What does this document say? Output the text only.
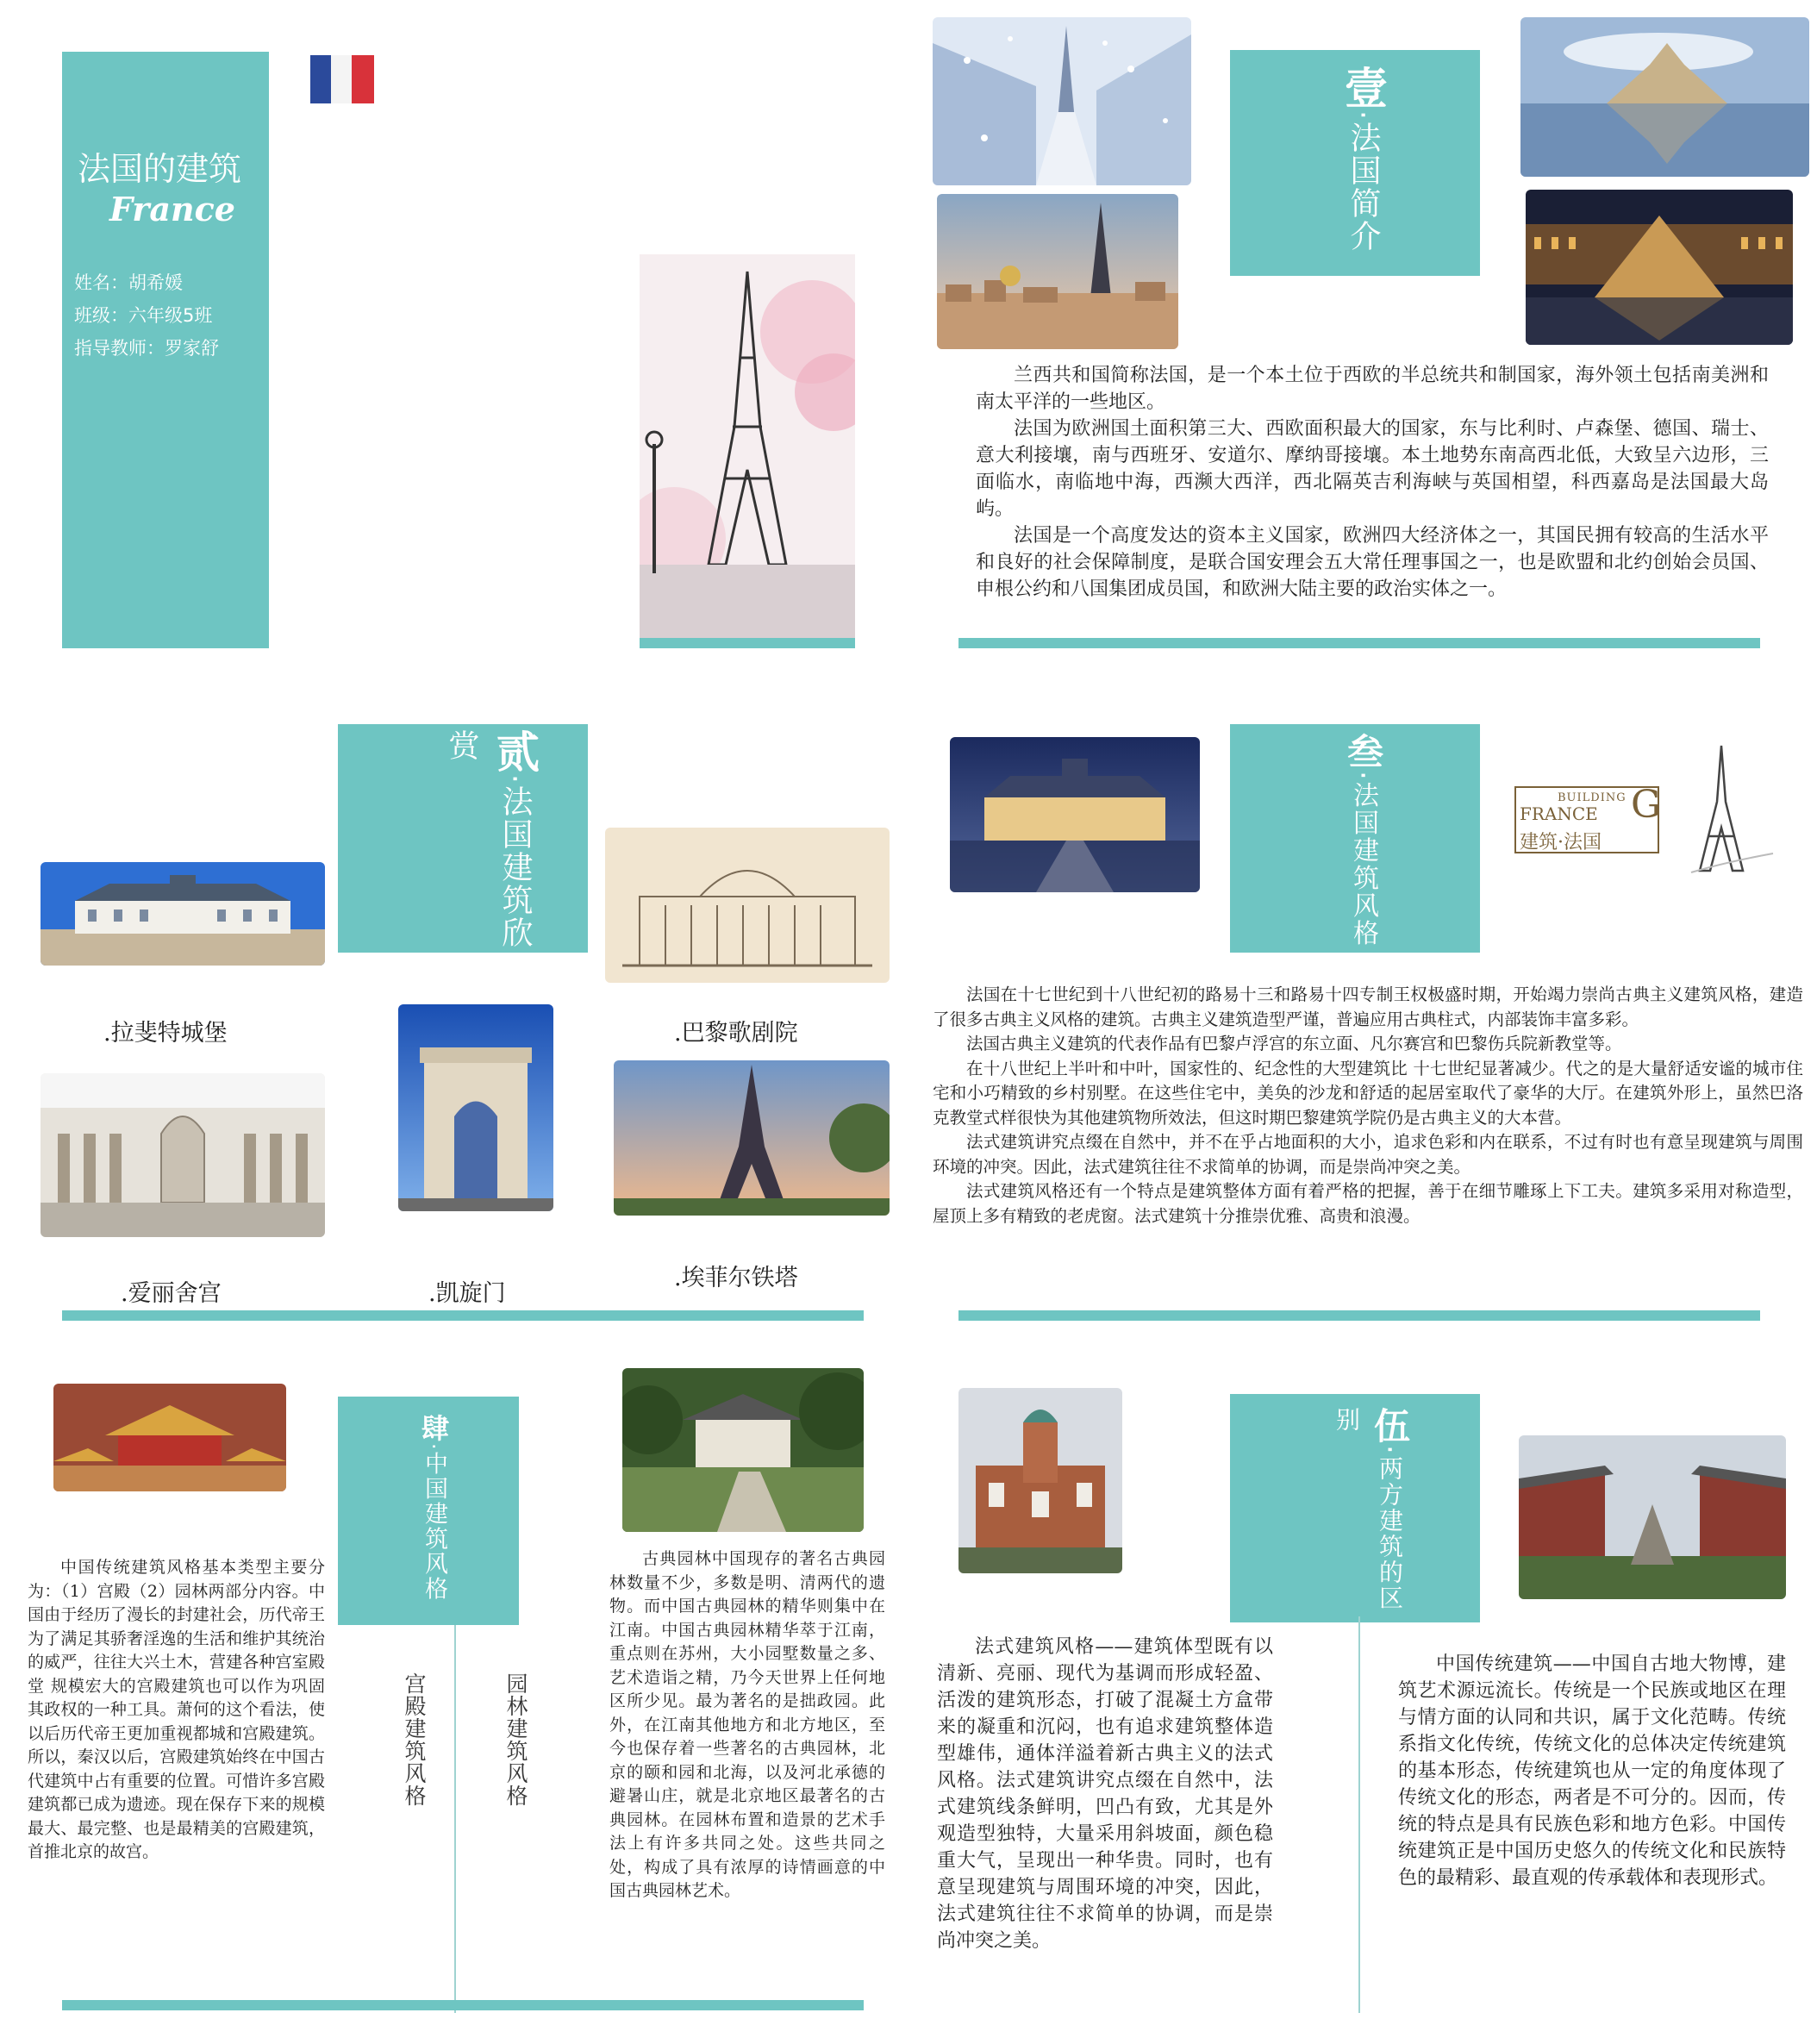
法国的建筑
France
姓名：胡希媛
班级：六年级5班
指导教师：罗家舒
壹·法国简介

兰西共和国简称法国，是一个本土位于西欧的半总统共和制国家，海外领土包括南美洲和南太平洋的一些地区。

法国为欧洲国土面积第三大、西欧面积最大的国家，东与比利时、卢森堡、德国、瑞士、意大利接壤，南与西班牙、安道尔、摩纳哥接壤。本土地势东南高西北低，大致呈六边形，三面临水，南临地中海，西濒大西洋，西北隔英吉利海峡与英国相望，科西嘉岛是法国最大岛屿。

法国是一个高度发达的资本主义国家，欧洲四大经济体之一，其国民拥有较高的生活水平和良好的社会保障制度，是联合国安理会五大常任理事国之一，也是欧盟和北约创始会员国、申根公约和八国集团成员国，和欧洲大陆主要的政治实体之一。

贰·法国建筑欣赏
.拉斐特城堡	.巴黎歌剧院
.爱丽舍宫	.凯旋门
.埃菲尔铁塔
叁·法国建筑风格	BUILDING
FRANCE G
建筑·法国

法国在十七世纪到十八世纪初的路易十三和路易十四专制王权极盛时期，开始竭力崇尚古典主义建筑风格，建造了很多古典主义风格的建筑。古典主义建筑造型严谨，普遍应用古典柱式，内部装饰丰富多彩。

法国古典主义建筑的代表作品有巴黎卢浮宫的东立面、凡尔赛宫和巴黎伤兵院新教堂等。

在十八世纪上半叶和中叶，国家性的、纪念性的大型建筑比 十七世纪显著减少。代之的是大量舒适安谧的城市住宅和小巧精致的乡村别墅。在这些住宅中，美奂的沙龙和舒适的起居室取代了豪华的大厅。在建筑外形上，虽然巴洛克教堂式样很快为其他建筑物所效法，但这时期巴黎建筑学院仍是古典主义的大本营。

法式建筑讲究点缀在自然中，并不在乎占地面积的大小，追求色彩和内在联系，不过有时也有意呈现建筑与周围环境的冲突。因此，法式建筑往往不求简单的协调，而是崇尚冲突之美。

法式建筑风格还有一个特点是建筑整体方面有着严格的把握，善于在细节雕琢上下工夫。建筑多采用对称造型，屋顶上多有精致的老虎窗。法式建筑十分推崇优雅、高贵和浪漫。

肆·中国建筑风格

中国传统建筑风格基本类型主要分为：（1）宫殿（2）园林两部分内容。中国由于经历了漫长的封建社会，历代帝王为了满足其骄奢淫逸的生活和维护其统治的威严，往往大兴土木，营建各种宫室殿堂 规模宏大的宫殿建筑也可以作为巩固其政权的一种工具。萧何的这个看法，使以后历代帝王更加重视都城和宫殿建筑。所以，秦汉以后，宫殿建筑始终在中国古代建筑中占有重要的位置。可惜许多宫殿建筑都已成为遗迹。现在保存下来的规模最大、最完整、也是最精美的宫殿建筑，首推北京的故宫。

宫殿建筑风格	园林建筑风格

古典园林中国现存的著名古典园林数量不少，多数是明、清两代的遗物。而中国古典园林的精华则集中在江南。中国古典园林精华萃于江南，重点则在苏州，大小园墅数量之多、艺术造诣之精，乃今天世界上任何地区所少见。最为著名的是拙政园。此外，在江南其他地方和北方地区，至今也保存着一些著名的古典园林，北京的颐和园和北海，以及河北承德的避暑山庄，就是北京地区最著名的古典园林。在园林布置和造景的艺术手法上有许多共同之处。这些共同之处，构成了具有浓厚的诗情画意的中国古典园林艺术。

伍·两方建筑的区别

法式建筑风格——建筑体型既有以清新、亮丽、现代为基调而形成轻盈、活泼的建筑形态，打破了混凝土方盒带来的凝重和沉闷，也有追求建筑整体造型雄伟，通体洋溢着新古典主义的法式风格。法式建筑讲究点缀在自然中，法式建筑线条鲜明，凹凸有致，尤其是外观造型独特，大量采用斜坡面，颜色稳重大气，呈现出一种华贵。同时，也有意呈现建筑与周围环境的冲突，因此，法式建筑往往不求简单的协调，而是崇尚冲突之美。

中国传统建筑——中国自古地大物博，建筑艺术源远流长。传统是一个民族或地区在理与情方面的认同和共识，属于文化范畴。传统系指文化传统，传统文化的总体决定传统建筑的基本形态，传统建筑也从一定的角度体现了传统文化的形态，两者是不可分的。因而，传统的特点是具有民族色彩和地方色彩。中国传统建筑正是中国历史悠久的传统文化和民族特色的最精彩、最直观的传承载体和表现形式。
